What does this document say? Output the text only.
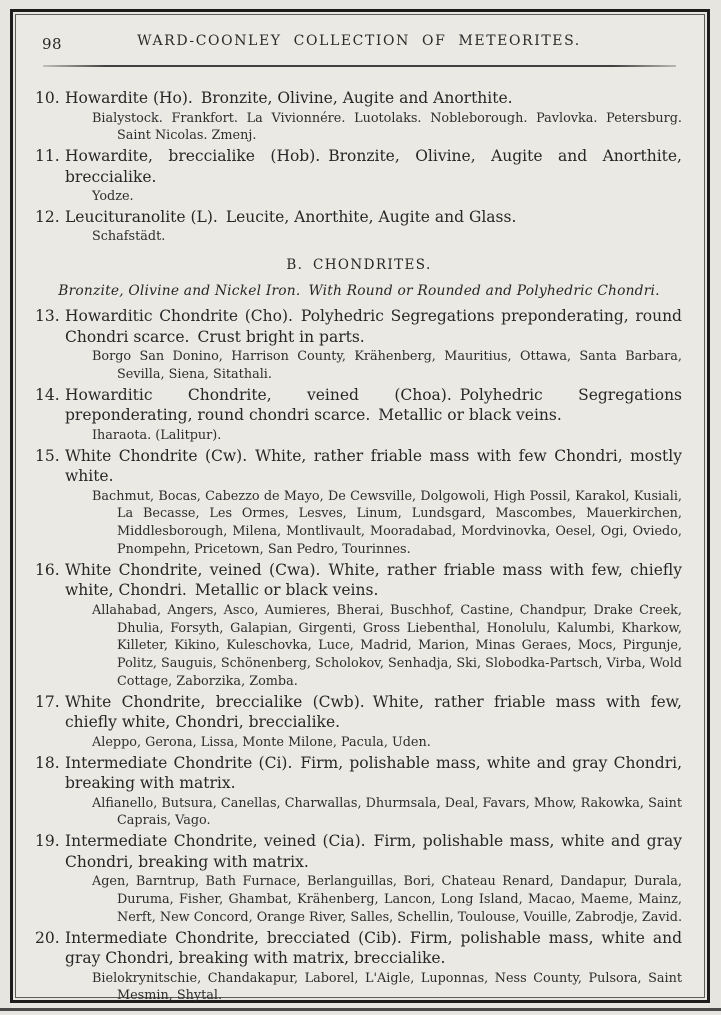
98	WARD-COONLEY COLLECTION OF METEORITES.
10. Howardite (Ho). Bronzite, Olivine, Augite and Anorthite.
Bialystock. Frankfort. La Vivionnére. Luotolaks. Nobleborough. Pavlovka. Petersburg. Saint Nicolas. Zmenj.
11. Howardite, breccialike (Hob). Bronzite, Olivine, Augite and Anorthite, breccialike.
Yodze.
12. Leucituranolite (L). Leucite, Anorthite, Augite and Glass.
Schafstädt.
B. CHONDRITES.
Bronzite, Olivine and Nickel Iron. With Round or Rounded and Polyhedric Chondri.
13. Howarditic Chondrite (Cho). Polyhedric Segregations preponderating, round Chondri scarce. Crust bright in parts.
Borgo San Donino, Harrison County, Krähenberg, Mauritius, Ottawa, Santa Barbara, Sevilla, Siena, Sitathali.
14. Howarditic Chondrite, veined (Choa). Polyhedric Segregations preponderating, round chondri scarce. Metallic or black veins.
Iharaota. (Lalitpur).
15. White Chondrite (Cw). White, rather friable mass with few Chondri, mostly white.
Bachmut, Bocas, Cabezzo de Mayo, De Cewsville, Dolgowoli, High Possil, Karakol, Kusiali, La Becasse, Les Ormes, Lesves, Linum, Lundsgard, Mascombes, Mauerkirchen, Middlesborough, Milena, Montlivault, Mooradabad, Mordvinovka, Oesel, Ogi, Oviedo, Pnompehn, Pricetown, San Pedro, Tourinnes.
16. White Chondrite, veined (Cwa). White, rather friable mass with few, chiefly white, Chondri. Metallic or black veins.
Allahabad, Angers, Asco, Aumieres, Bherai, Buschhof, Castine, Chandpur, Drake Creek, Dhulia, Forsyth, Galapian, Girgenti, Gross Liebenthal, Honolulu, Kalumbi, Kharkow, Killeter, Kikino, Kuleschovka, Luce, Madrid, Marion, Minas Geraes, Mocs, Pirgunje, Politz, Sauguis, Schönenberg, Scholokov, Senhadja, Ski, Slobodka-Partsch, Virba, Wold Cottage, Zaborzika, Zomba.
17. White Chondrite, breccialike (Cwb). White, rather friable mass with few, chiefly white, Chondri, breccialike.
Aleppo, Gerona, Lissa, Monte Milone, Pacula, Uden.
18. Intermediate Chondrite (Ci). Firm, polishable mass, white and gray Chondri, breaking with matrix.
Alfianello, Butsura, Canellas, Charwallas, Dhurmsala, Deal, Favars, Mhow, Rakowka, Saint Caprais, Vago.
19. Intermediate Chondrite, veined (Cia). Firm, polishable mass, white and gray Chondri, breaking with matrix.
Agen, Barntrup, Bath Furnace, Berlanguillas, Bori, Chateau Renard, Dandapur, Durala, Duruma, Fisher, Ghambat, Krähenberg, Lancon, Long Island, Macao, Maeme, Mainz, Nerft, New Concord, Orange River, Salles, Schellin, Toulouse, Vouille, Zabrodje, Zavid.
20. Intermediate Chondrite, brecciated (Cib). Firm, polishable mass, white and gray Chondri, breaking with matrix, breccialike.
Bielokrynitschie, Chandakapur, Laborel, L'Aigle, Luponnas, Ness County, Pulsora, Saint Mesmin, Shytal.
